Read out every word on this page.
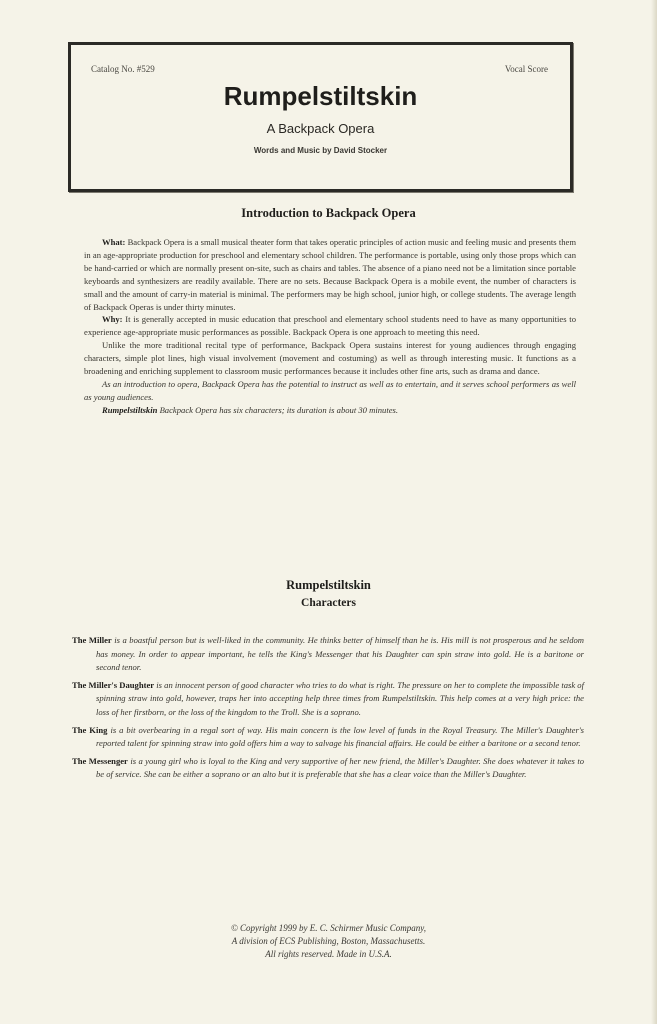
Catalog No. #529	Vocal Score
Rumpelstiltskin
A Backpack Opera
Words and Music by David Stocker
Introduction to Backpack Opera

What: Backpack Opera is a small musical theater form that takes operatic principles of action music and feeling music and presents them in an age-appropriate production for preschool and elementary school children. The performance is portable, using only those props which can be hand-carried or which are normally present on-site, such as chairs and tables. The absence of a piano need not be a limitation since portable keyboards and synthesizers are readily available. There are no sets. Because Backpack Opera is a mobile event, the number of characters is small and the amount of carry-in material is minimal. The performers may be high school, junior high, or college students. The average length of Backpack Operas is under thirty minutes.

Why: It is generally accepted in music education that preschool and elementary school students need to have as many opportunities to experience age-appropriate music performances as possible. Backpack Opera is one approach to meeting this need.

Unlike the more traditional recital type of performance, Backpack Opera sustains interest for young audiences through engaging characters, simple plot lines, high visual involvement (movement and costuming) as well as through interesting music. It functions as a broadening and enriching supplement to classroom music performances because it includes other fine arts, such as drama and dance.

As an introduction to opera, Backpack Opera has the potential to instruct as well as to entertain, and it serves school performers as well as young audiences.

Rumpelstiltskin Backpack Opera has six characters; its duration is about 30 minutes.

Rumpelstiltskin
Characters

The Miller is a boastful person but is well-liked in the community. He thinks better of himself than he is. His mill is not prosperous and he seldom has money. In order to appear important, he tells the King's Messenger that his Daughter can spin straw into gold. He is a baritone or second tenor.

The Miller's Daughter is an innocent person of good character who tries to do what is right. The pressure on her to complete the impossible task of spinning straw into gold, however, traps her into accepting help three times from Rumpelstiltskin. This help comes at a very high price: the loss of her firstborn, or the loss of the kingdom to the Troll. She is a soprano.

The King is a bit overbearing in a regal sort of way. His main concern is the low level of funds in the Royal Treasury. The Miller's Daughter's reported talent for spinning straw into gold offers him a way to salvage his financial affairs. He could be either a baritone or a second tenor.

The Messenger is a young girl who is loyal to the King and very supportive of her new friend, the Miller's Daughter. She does whatever it takes to be of service. She can be either a soprano or an alto but it is preferable that she has a clear voice than the Miller's Daughter.

© Copyright 1999 by E. C. Schirmer Music Company,
A division of ECS Publishing, Boston, Massachusetts.
All rights reserved. Made in U.S.A.
